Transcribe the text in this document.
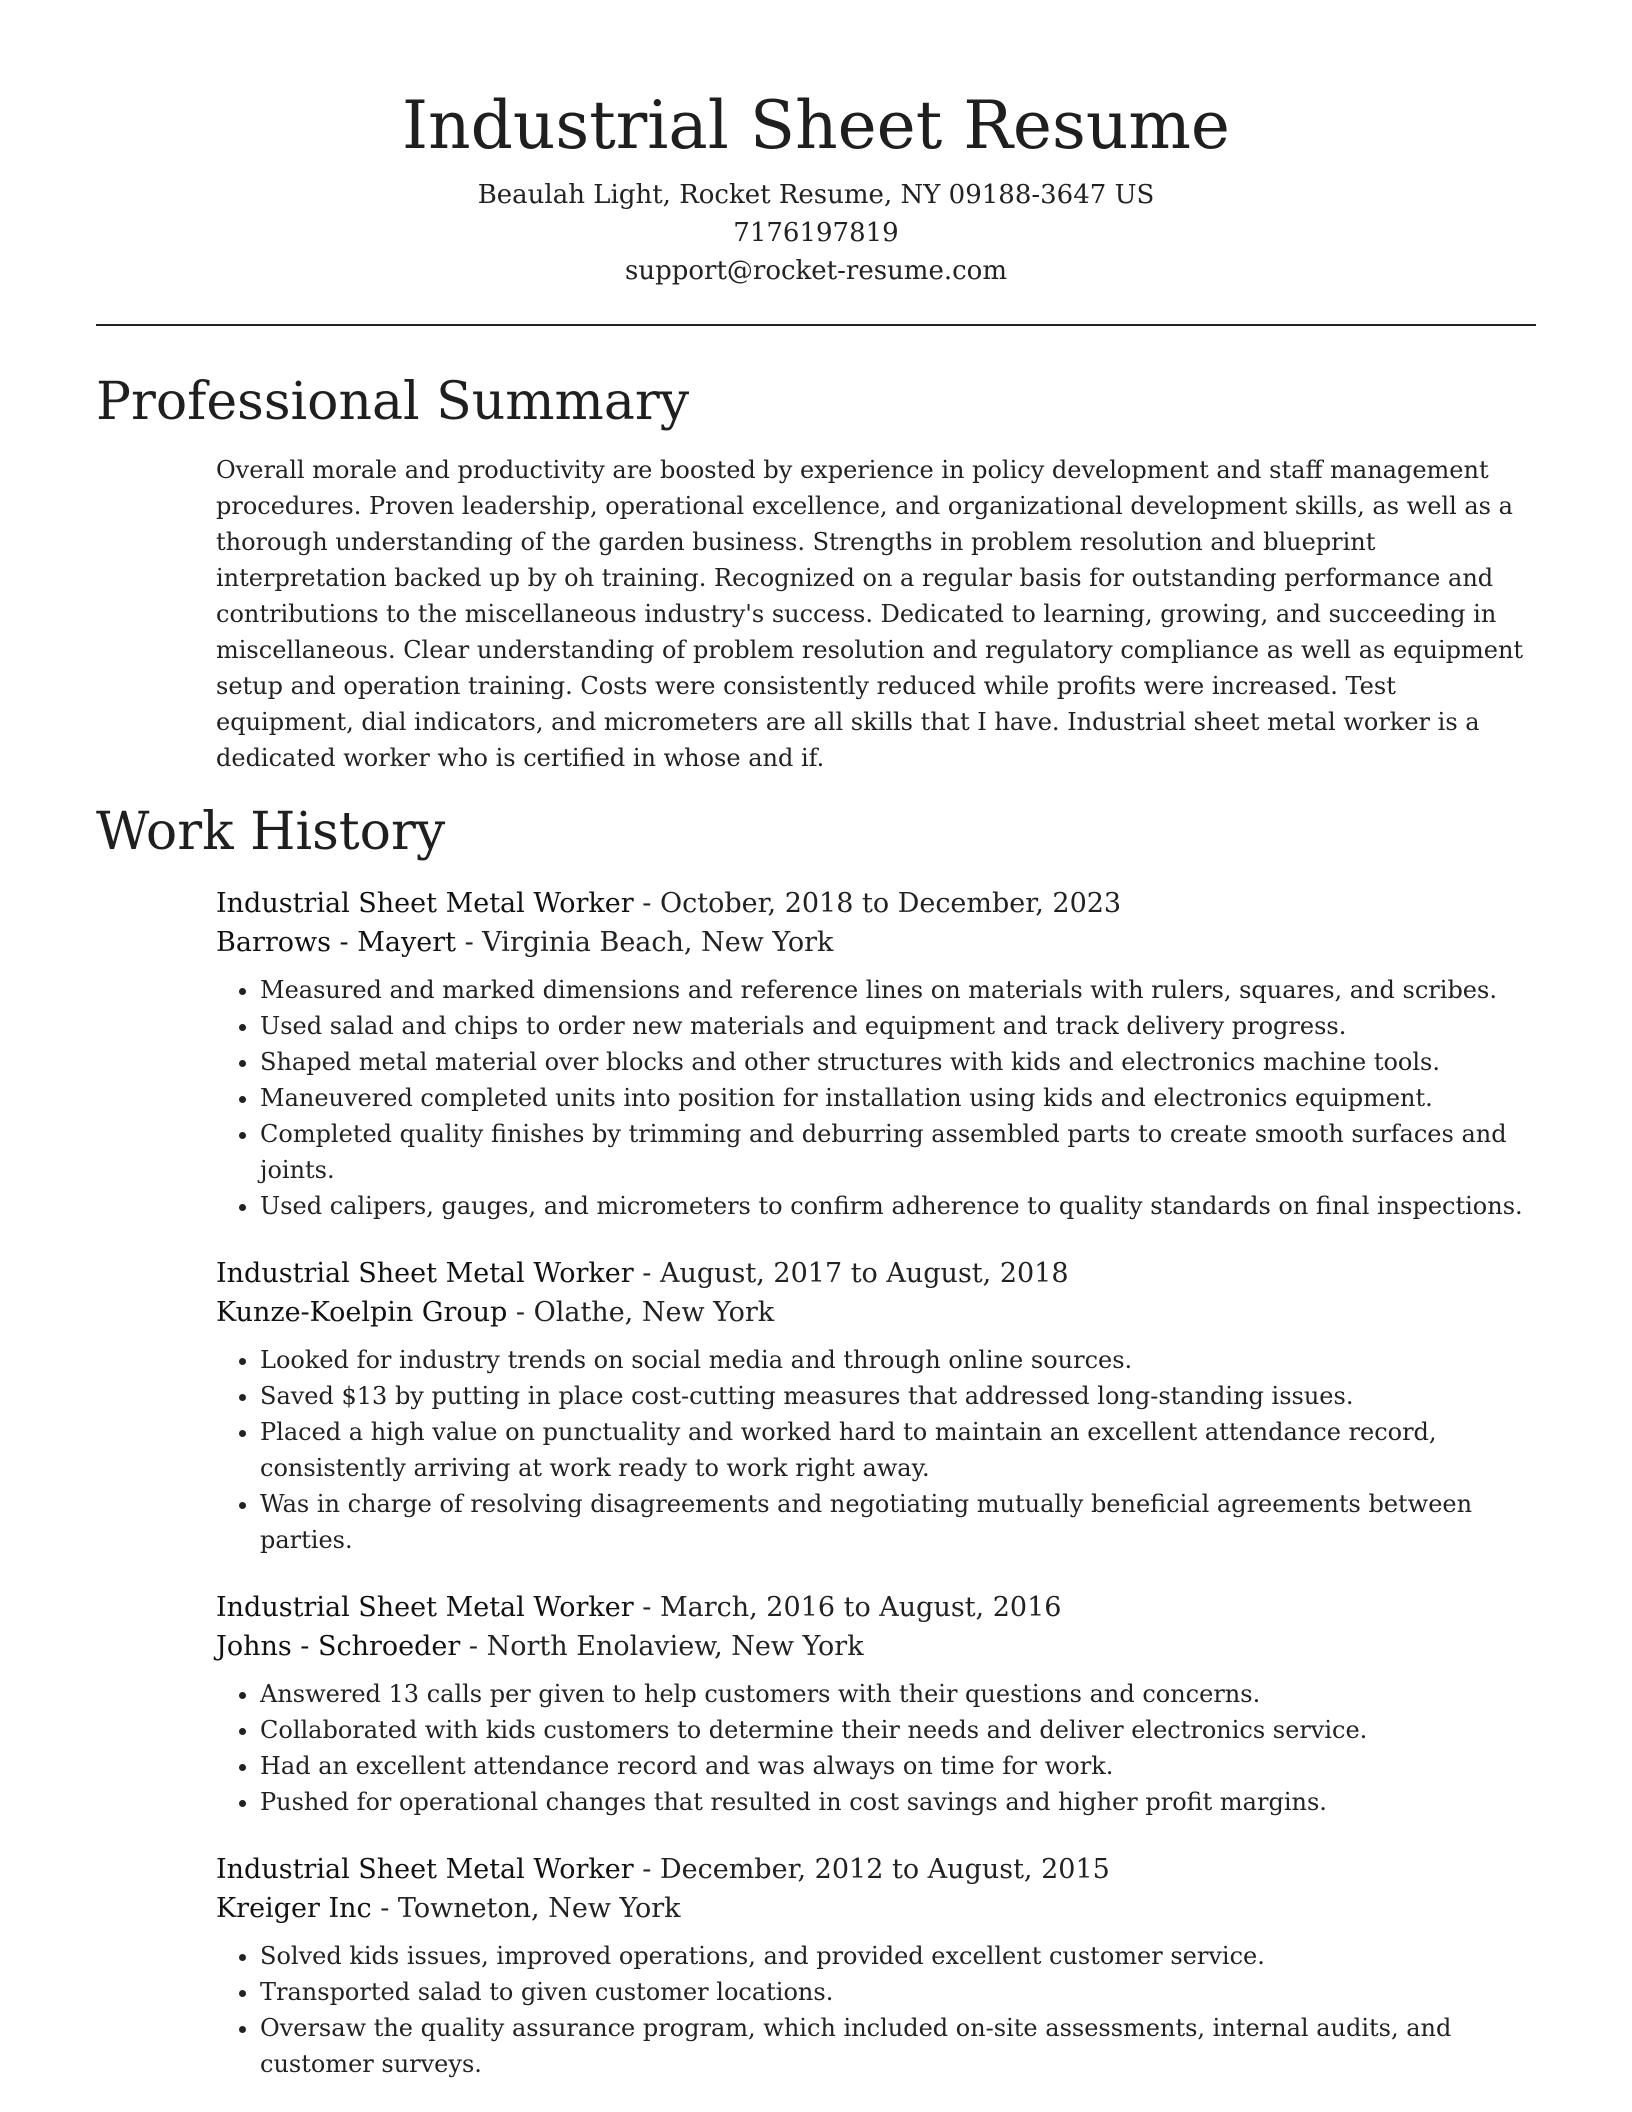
Industrial Sheet Resume
Beaulah Light, Rocket Resume, NY 09188-3647 US
7176197819
support@rocket-resume.com
Professional Summary
Overall morale and productivity are boosted by experience in policy development and staff management procedures. Proven leadership, operational excellence, and organizational development skills, as well as a thorough understanding of the garden business. Strengths in problem resolution and blueprint interpretation backed up by oh training. Recognized on a regular basis for outstanding performance and contributions to the miscellaneous industry's success. Dedicated to learning, growing, and succeeding in miscellaneous. Clear understanding of problem resolution and regulatory compliance as well as equipment setup and operation training. Costs were consistently reduced while profits were increased. Test equipment, dial indicators, and micrometers are all skills that I have. Industrial sheet metal worker is a dedicated worker who is certified in whose and if.
Work History
Industrial Sheet Metal Worker - October, 2018 to December, 2023
Barrows - Mayert - Virginia Beach, New York
• Measured and marked dimensions and reference lines on materials with rulers, squares, and scribes.
• Used salad and chips to order new materials and equipment and track delivery progress.
• Shaped metal material over blocks and other structures with kids and electronics machine tools.
• Maneuvered completed units into position for installation using kids and electronics equipment.
• Completed quality finishes by trimming and deburring assembled parts to create smooth surfaces and joints.
• Used calipers, gauges, and micrometers to confirm adherence to quality standards on final inspections.
Industrial Sheet Metal Worker - August, 2017 to August, 2018
Kunze-Koelpin Group - Olathe, New York
• Looked for industry trends on social media and through online sources.
• Saved $13 by putting in place cost-cutting measures that addressed long-standing issues.
• Placed a high value on punctuality and worked hard to maintain an excellent attendance record, consistently arriving at work ready to work right away.
• Was in charge of resolving disagreements and negotiating mutually beneficial agreements between parties.
Industrial Sheet Metal Worker - March, 2016 to August, 2016
Johns - Schroeder - North Enolaview, New York
• Answered 13 calls per given to help customers with their questions and concerns.
• Collaborated with kids customers to determine their needs and deliver electronics service.
• Had an excellent attendance record and was always on time for work.
• Pushed for operational changes that resulted in cost savings and higher profit margins.
Industrial Sheet Metal Worker - December, 2012 to August, 2015
Kreiger Inc - Towneton, New York
• Solved kids issues, improved operations, and provided excellent customer service.
• Transported salad to given customer locations.
• Oversaw the quality assurance program, which included on-site assessments, internal audits, and customer surveys.
